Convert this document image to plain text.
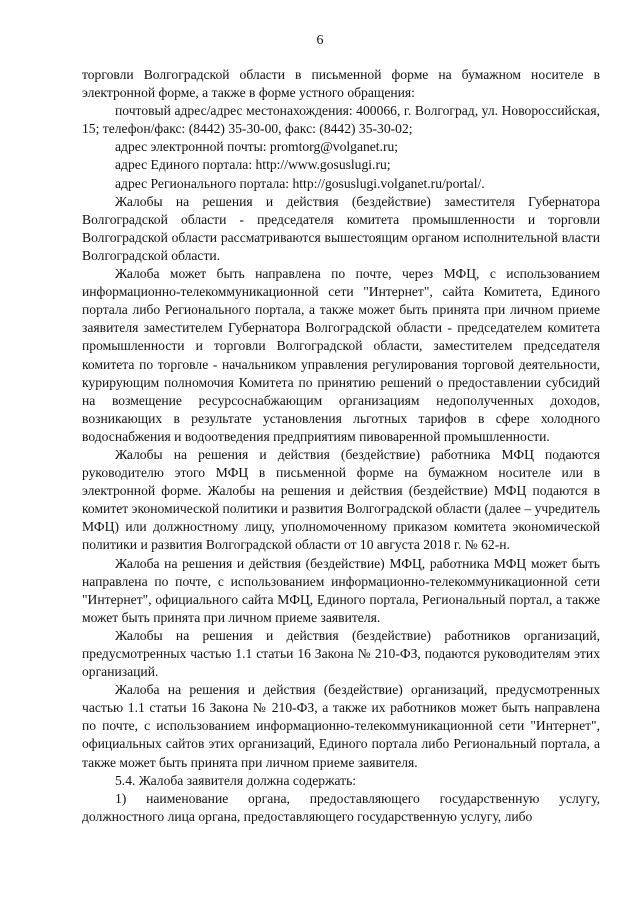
6

торговли Волгоградской области в письменной форме на бумажном носителе в электронной форме, а также в форме устного обращения:

почтовый адрес/адрес местонахождения: 400066, г. Волгоград, ул. Новороссийская, 15; телефон/факс: (8442) 35-30-00, факс: (8442) 35-30-02;

адрес электронной почты: promtorg@volganet.ru;

адрес Единого портала: http://www.gosuslugi.ru;

адрес Регионального портала: http://gosuslugi.volganet.ru/portal/.

Жалобы на решения и действия (бездействие) заместителя Губернатора Волгоградской области - председателя комитета промышленности и торговли Волгоградской области рассматриваются вышестоящим органом исполнительной власти Волгоградской области.

Жалоба может быть направлена по почте, через МФЦ, с использованием информационно-телекоммуникационной сети "Интернет", сайта Комитета, Единого портала либо Регионального портала, а также может быть принята при личном приеме заявителя заместителем Губернатора Волгоградской области - председателем комитета промышленности и торговли Волгоградской области, заместителем председателя комитета по торговле - начальником управления регулирования торговой деятельности, курирующим полномочия Комитета по принятию решений о предоставлении субсидий на возмещение ресурсоснабжающим организациям недополученных доходов, возникающих в результате установления льготных тарифов в сфере холодного водоснабжения и водоотведения предприятиям пивоваренной промышленности.

Жалобы на решения и действия (бездействие) работника МФЦ подаются руководителю этого МФЦ в письменной форме на бумажном носителе или в электронной форме. Жалобы на решения и действия (бездействие) МФЦ подаются в комитет экономической политики и развития Волгоградской области (далее – учредитель МФЦ) или должностному лицу, уполномоченному приказом комитета экономической политики и развития Волгоградской области от 10 августа 2018 г. № 62-н.

Жалоба на решения и действия (бездействие) МФЦ, работника МФЦ может быть направлена по почте, с использованием информационно-телекоммуникационной сети "Интернет", официального сайта МФЦ, Единого портала, Региональный портал, а также может быть принята при личном приеме заявителя.

Жалобы на решения и действия (бездействие) работников организаций, предусмотренных частью 1.1 статьи 16 Закона № 210-ФЗ, подаются руководителям этих организаций.

Жалоба на решения и действия (бездействие) организаций, предусмотренных частью 1.1 статьи 16 Закона № 210-ФЗ, а также их работников может быть направлена по почте, с использованием информационно-телекоммуникационной сети "Интернет", официальных сайтов этих организаций, Единого портала либо Региональный портала, а также может быть принята при личном приеме заявителя.

5.4. Жалоба заявителя должна содержать:

1) наименование органа, предоставляющего государственную услугу, должностного лица органа, предоставляющего государственную услугу, либо
